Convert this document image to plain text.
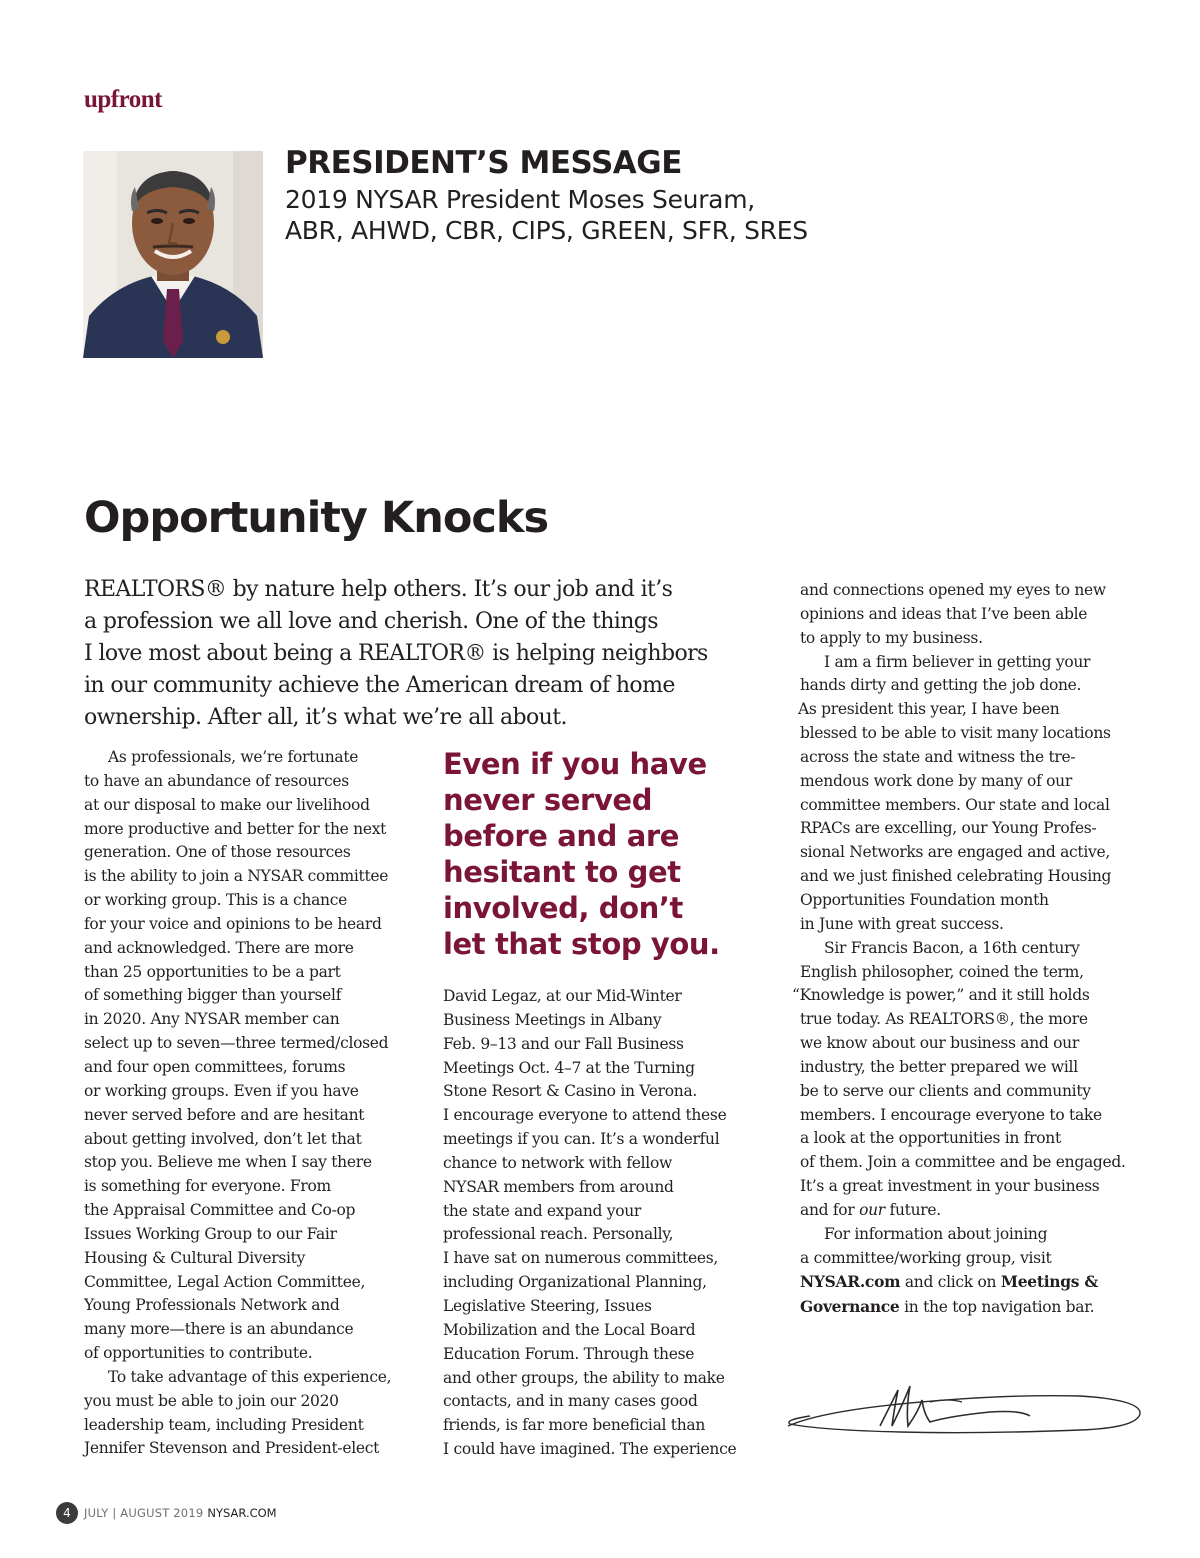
upfront
PRESIDENT’S MESSAGE
2019 NYSAR President Moses Seuram,
ABR, AHWD, CBR, CIPS, GREEN, SFR, SRES
Opportunity Knocks
REALTORS® by nature help others. It’s our job and it’s
a profession we all love and cherish. One of the things
I love most about being a REALTOR® is helping neighbors
in our community achieve the American dream of home
ownership. After all, it’s what we’re all about.
As professionals, we’re fortunate
to have an abundance of resources
at our disposal to make our livelihood
more productive and better for the next
generation. One of those resources
is the ability to join a NYSAR committee
or working group. This is a chance
for your voice and opinions to be heard
and acknowledged. There are more
than 25 opportunities to be a part
of something bigger than yourself
in 2020. Any NYSAR member can
select up to seven—three termed/closed
and four open committees, forums
or working groups. Even if you have
never served before and are hesitant
about getting involved, don’t let that
stop you. Believe me when I say there
is something for everyone. From
the Appraisal Committee and Co-op
Issues Working Group to our Fair
Housing & Cultural Diversity
Committee, Legal Action Committee,
Young Professionals Network and
many more—there is an abundance
of opportunities to contribute.
To take advantage of this experience,
you must be able to join our 2020
leadership team, including President
Jennifer Stevenson and President-elect
Even if you have
never served
before and are
hesitant to get
involved, don’t
let that stop you.
David Legaz, at our Mid-Winter
Business Meetings in Albany
Feb. 9–13 and our Fall Business
Meetings Oct. 4–7 at the Turning
Stone Resort & Casino in Verona.
I encourage everyone to attend these
meetings if you can. It’s a wonderful
chance to network with fellow
NYSAR members from around
the state and expand your
professional reach. Personally,
I have sat on numerous committees,
including Organizational Planning,
Legislative Steering, Issues
Mobilization and the Local Board
Education Forum. Through these
and other groups, the ability to make
contacts, and in many cases good
friends, is far more beneficial than
I could have imagined. The experience
and connections opened my eyes to new
opinions and ideas that I’ve been able
to apply to my business.
I am a firm believer in getting your
hands dirty and getting the job done.
As president this year, I have been
blessed to be able to visit many locations
across the state and witness the tre-
mendous work done by many of our
committee members. Our state and local
RPACs are excelling, our Young Profes-
sional Networks are engaged and active,
and we just finished celebrating Housing
Opportunities Foundation month
in June with great success.
Sir Francis Bacon, a 16th century
English philosopher, coined the term,
“Knowledge is power,” and it still holds
true today. As REALTORS®, the more
we know about our business and our
industry, the better prepared we will
be to serve our clients and community
members. I encourage everyone to take
a look at the opportunities in front
of them. Join a committee and be engaged.
It’s a great investment in your business
and for our future.
For information about joining
a committee/working group, visit
NYSAR.com and click on Meetings &
Governance in the top navigation bar.
4	JULY | AUGUST 2019 NYSAR.COM
